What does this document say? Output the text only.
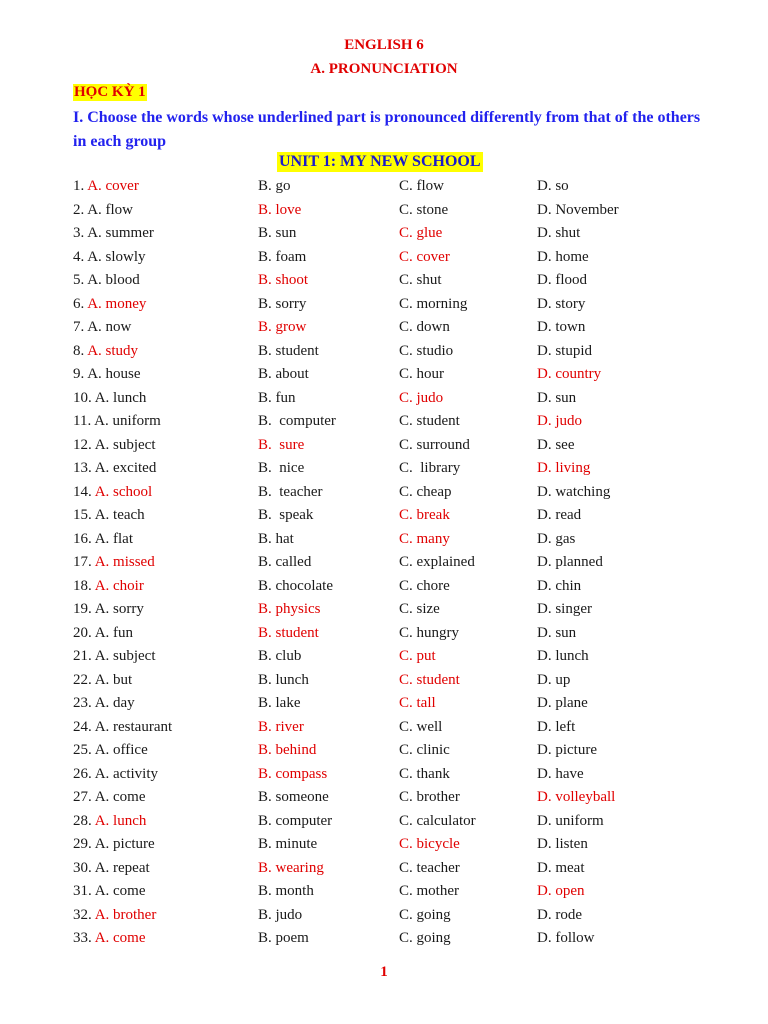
ENGLISH 6
A. PRONUNCIATION
HỌC KỲ 1
I. Choose the words whose underlined part is pronounced differently from that of the others in each group
UNIT 1: MY NEW SCHOOL
1. A. cover	B. go	C. flow	D. so
2. A. flow	B. love	C. stone	D. November
3. A. summer	B. sun	C. glue	D. shut
4. A. slowly	B. foam	C. cover	D. home
5. A. blood	B. shoot	C. shut	D. flood
6. A. money	B. sorry	C. morning	D. story
7. A. now	B. grow	C. down	D. town
8. A. study	B. student	C. studio	D. stupid
9. A. house	B. about	C. hour	D. country
10. A. lunch	B. fun	C. judo	D. sun
11. A. uniform	B.  computer	C. student	D. judo
12. A. subject	B.  sure	C. surround	D. see
13. A. excited	B.  nice	C.  library	D. living
14. A. school	B.  teacher	C. cheap	D. watching
15. A. teach	B.  speak	C. break	D. read
16. A. flat	B. hat	C. many	D. gas
17. A. missed	B. called	C. explained	D. planned
18. A. choir	B. chocolate	C. chore	D. chin
19. A. sorry	B. physics	C. size	D. singer
20. A. fun	B. student	C. hungry	D. sun
21. A. subject	B. club	C. put	D. lunch
22. A. but	B. lunch	C. student	D. up
23. A. day	B. lake	C. tall	D. plane
24. A. restaurant	B. river	C. well	D. left
25. A. office	B. behind	C. clinic	D. picture
26. A. activity	B. compass	C. thank	D. have
27. A. come	B. someone	C. brother	D. volleyball
28. A. lunch	B. computer	C. calculator	D. uniform
29. A. picture	B. minute	C. bicycle	D. listen
30. A. repeat	B. wearing	C. teacher	D. meat
31. A. come	B. month	C. mother	D. open
32. A. brother	B. judo	C. going	D. rode
33. A. come	B. poem	C. going	D. follow
1
